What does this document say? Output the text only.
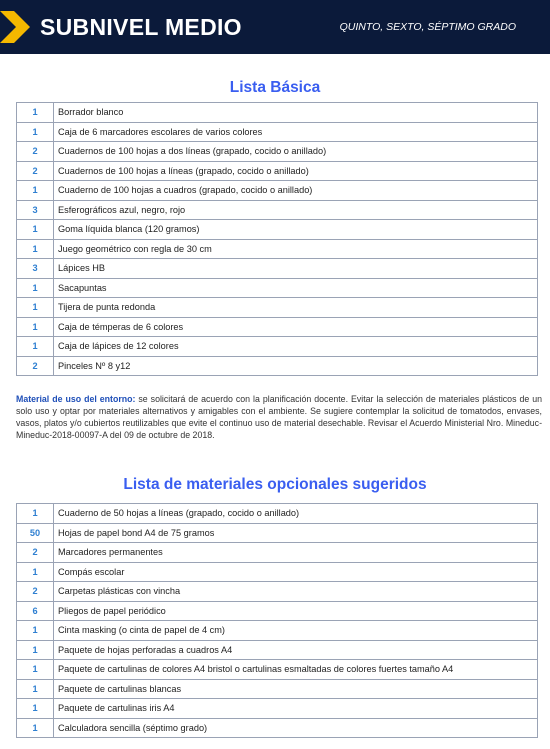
SUBNIVEL MEDIO	QUINTO, SEXTO, SÉPTIMO GRADO
Lista Básica
1	Borrador blanco
1	Caja de 6 marcadores escolares de varios colores
2	Cuadernos de 100 hojas a dos líneas (grapado, cocido o anillado)
2	Cuadernos de 100 hojas a líneas (grapado, cocido o anillado)
1	Cuaderno de 100 hojas a cuadros (grapado, cocido o anillado)
3	Esferográficos azul, negro, rojo
1	Goma líquida blanca (120 gramos)
1	Juego geométrico con regla de 30 cm
3	Lápices HB
1	Sacapuntas
1	Tijera de punta redonda
1	Caja de témperas de 6 colores
1	Caja de lápices de 12 colores
2	Pinceles Nº 8 y12
Material de uso del entorno: se solicitará de acuerdo con la planificación docente. Evitar la selección de materiales plásticos de un solo uso y optar por materiales alternativos y amigables con el ambiente. Se sugiere contemplar la solicitud de tomatodos, envases, vasos, platos y/o cubiertos reutilizables que evite el continuo uso de material desechable. Revisar el Acuerdo Ministerial Nro. Mineduc-Mineduc-2018-00097-A del 09 de octubre de 2018.
Lista de materiales opcionales sugeridos
1	Cuaderno de 50 hojas a líneas (grapado, cocido o anillado)
50	Hojas de papel bond A4 de 75 gramos
2	Marcadores permanentes
1	Compás escolar
2	Carpetas plásticas con vincha
6	Pliegos de papel periódico
1	Cinta masking (o cinta de papel de 4 cm)
1	Paquete de hojas perforadas a cuadros A4
1	Paquete de cartulinas de colores A4 bristol o cartulinas esmaltadas de colores fuertes tamaño A4
1	Paquete de cartulinas blancas
1	Paquete de cartulinas iris A4
1	Calculadora sencilla (séptimo grado)
